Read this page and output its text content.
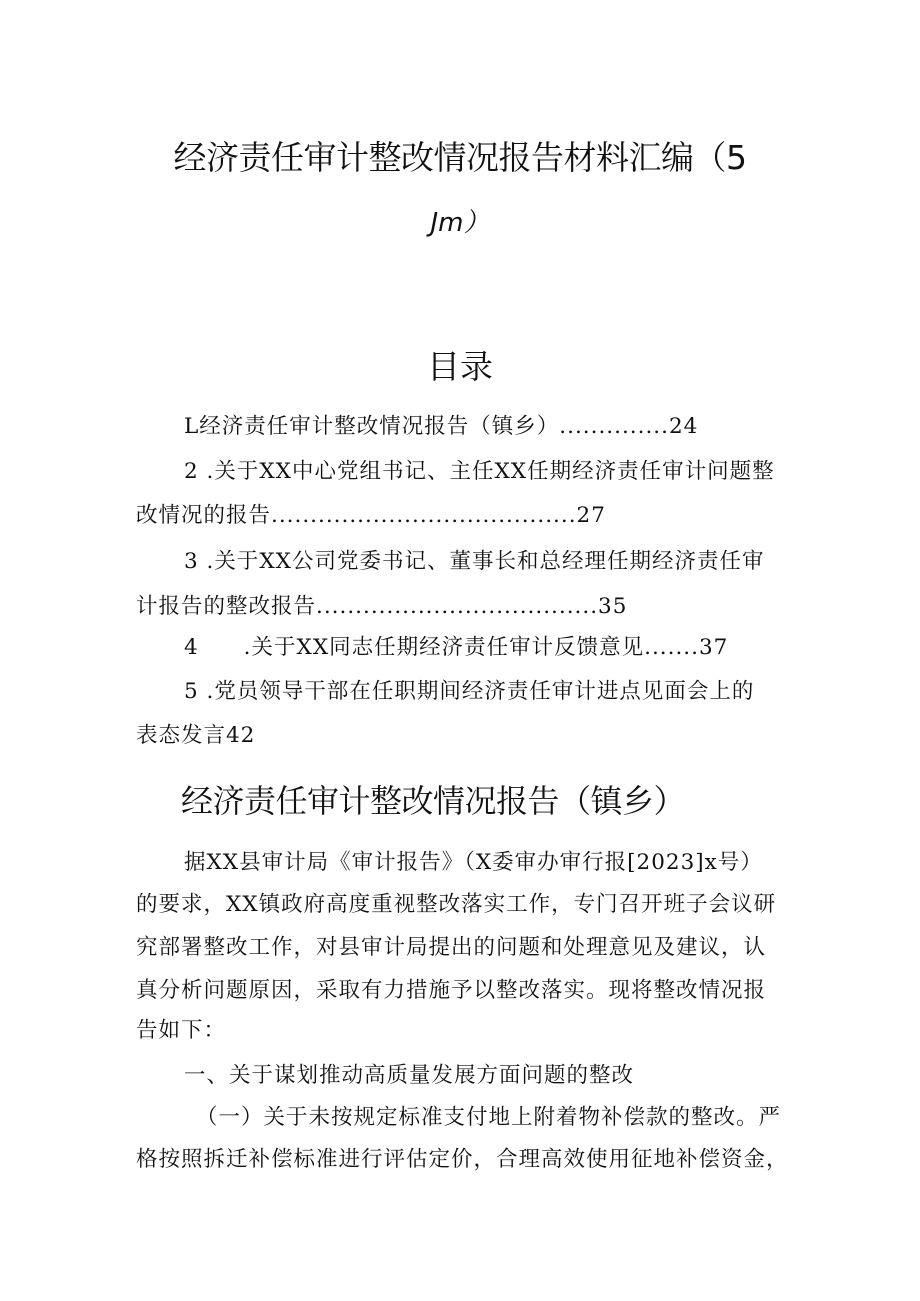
经济责任审计整改情况报告材料汇编（5
Jm）
目录
L经济责任审计整改情况报告（镇乡）..............24
2 .关于XX中心党组书记、主任XX任期经济责任审计问题整
改情况的报告.......................................27
3 .关于XX公司党委书记、董事长和总经理任期经济责任审
计报告的整改报告....................................35
4　　.关于XX同志任期经济责任审计反馈意见.......37
5 .党员领导干部在任职期间经济责任审计进点见面会上的
表态发言42
经济责任审计整改情况报告（镇乡）
据XX县审计局《审计报告》（X委审办审行报[2023]x号）
的要求，XX镇政府高度重视整改落实工作，专门召开班子会议研
究部署整改工作，对县审计局提出的问题和处理意见及建议，认
真分析问题原因，采取有力措施予以整改落实。现将整改情况报
告如下：
一、关于谋划推动高质量发展方面问题的整改
（一）关于未按规定标准支付地上附着物补偿款的整改。严
格按照拆迁补偿标准进行评估定价，合理高效使用征地补偿资金，
